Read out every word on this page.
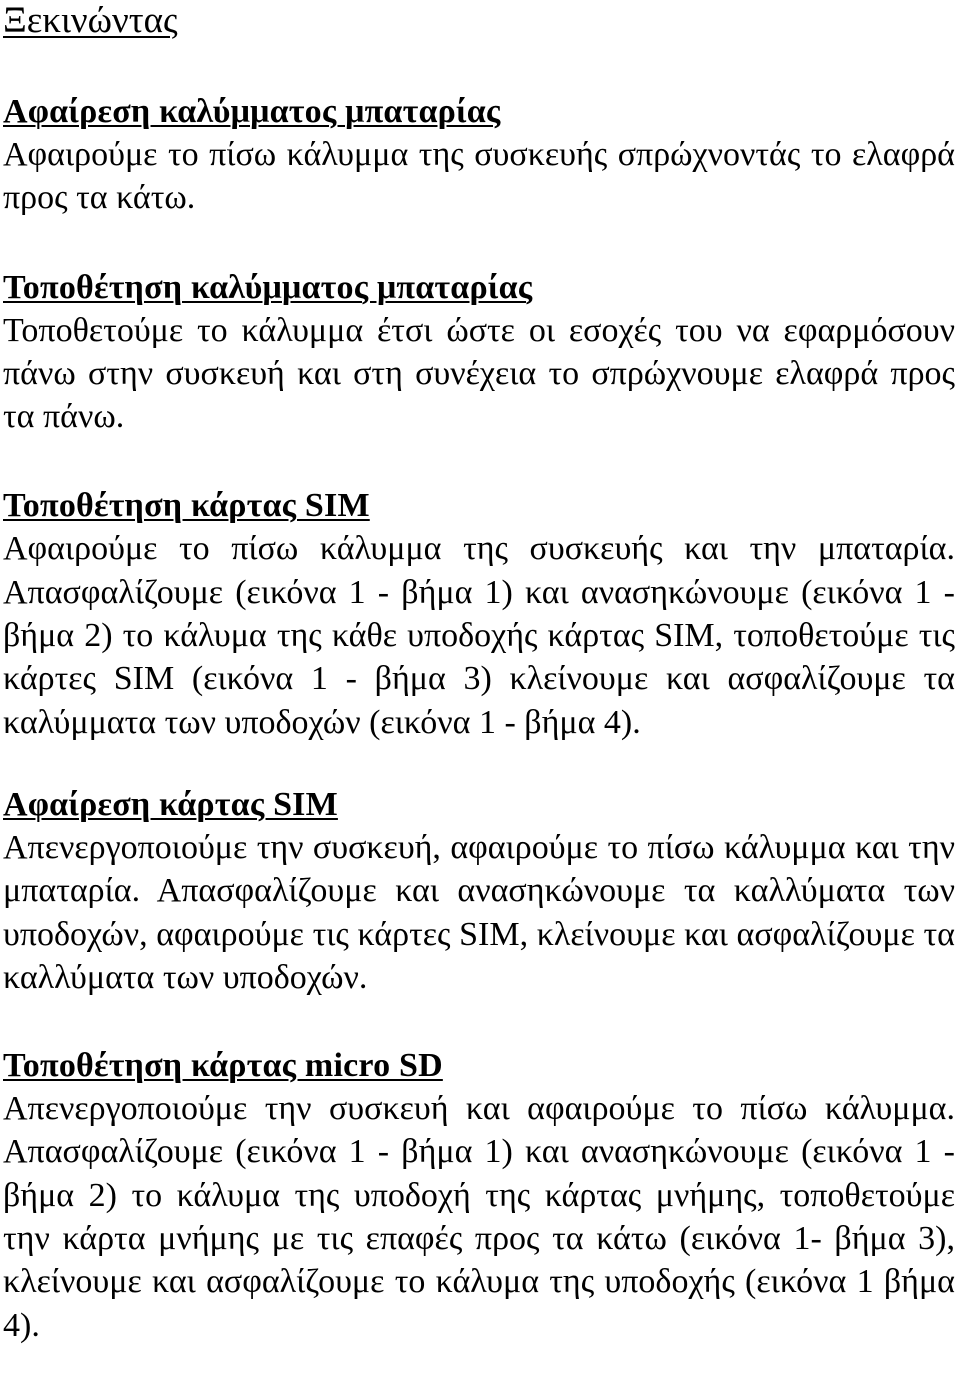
Ξεκινώντας
Αφαίρεση καλύμματος μπαταρίας

Αφαιρούμε το πίσω κάλυμμα της συσκευής σπρώχνοντάς το ελαφρά προς τα κάτω.

Τοποθέτηση καλύμματος μπαταρίας

Τοποθετούμε το κάλυμμα έτσι ώστε οι εσοχές του να εφαρμόσουν πάνω στην συσκευή και στη συνέχεια το σπρώχνουμε ελαφρά προς τα πάνω.

Τοποθέτηση κάρτας SIM

Αφαιρούμε το πίσω κάλυμμα της συσκευής και την μπαταρία. Απασφαλίζουμε (εικόνα 1 - βήμα 1) και ανασηκώνουμε (εικόνα 1 - βήμα 2) το κάλυμα της κάθε υποδοχής κάρτας SIM, τοποθετούμε τις κάρτες SIM (εικόνα 1 - βήμα 3) κλείνουμε και ασφαλίζουμε τα καλύμματα των υποδοχών (εικόνα 1 - βήμα 4).

Αφαίρεση κάρτας SIM

Απενεργοποιούμε την συσκευή, αφαιρούμε το πίσω κάλυμμα και την μπαταρία. Απασφαλίζουμε και ανασηκώνουμε τα καλλύματα των υποδοχών, αφαιρούμε τις κάρτες SIM, κλείνουμε και ασφαλίζουμε τα καλλύματα των υποδοχών.

Τοποθέτηση κάρτας micro SD

Απενεργοποιούμε την συσκευή και αφαιρούμε το πίσω κάλυμμα. Απασφαλίζουμε (εικόνα 1 - βήμα 1) και ανασηκώνουμε (εικόνα 1 - βήμα 2) το κάλυμα της υποδοχή της κάρτας μνήμης, τοποθετούμε την κάρτα μνήμης με τις επαφές προς τα κάτω (εικόνα 1- βήμα 3), κλείνουμε και ασφαλίζουμε το κάλυμα της υποδοχής (εικόνα 1 βήμα 4).
